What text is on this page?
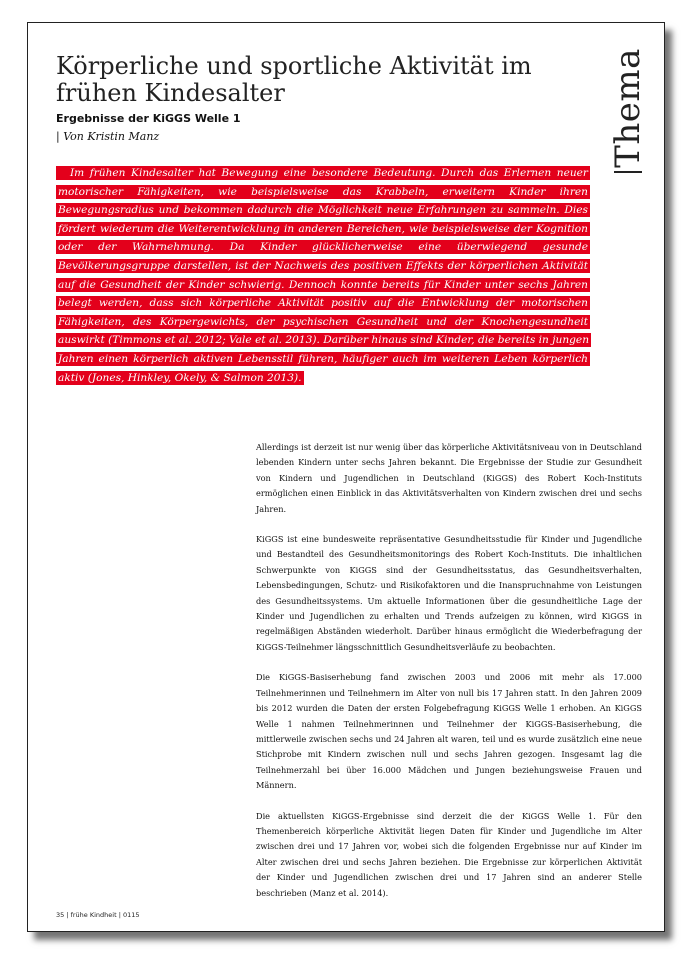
Körperliche und sportliche Aktivität im frühen Kindesalter
Ergebnisse der KiGGS Welle 1
| Von Kristin Manz	Thema
Im frühen Kindesalter hat Bewegung eine besondere Bedeutung. Durch das Erlernen neuer motorischer Fähigkeiten, wie beispielsweise das Krabbeln, erweitern Kinder ihren Bewegungsradius und bekommen dadurch die Möglichkeit neue Erfahrungen zu sammeln. Dies fördert wiederum die Weiterentwicklung in anderen Bereichen, wie beispielsweise der Kognition oder der Wahrnehmung. Da Kinder glücklicherweise eine überwiegend gesunde Bevölkerungsgruppe darstellen, ist der Nachweis des positiven Effekts der körperlichen Aktivität auf die Gesundheit der Kinder schwierig. Dennoch konnte bereits für Kinder unter sechs Jahren belegt werden, dass sich körperliche Aktivität positiv auf die Entwicklung der motorischen Fähigkeiten, des Körpergewichts, der psychischen Gesundheit und der Knochengesundheit auswirkt (Timmons et al. 2012; Vale et al. 2013). Darüber hinaus sind Kinder, die bereits in jungen Jahren einen körperlich aktiven Lebensstil führen, häufiger auch im weiteren Leben körperlich aktiv (Jones, Hinkley, Okely, & Salmon 2013).

Allerdings ist derzeit ist nur wenig über das körperliche Aktivitätsniveau von in Deutschland lebenden Kindern unter sechs Jahren bekannt. Die Ergebnisse der Studie zur Gesundheit von Kindern und Jugendlichen in Deutschland (KiGGS) des Robert Koch-Instituts ermöglichen einen Einblick in das Aktivitätsverhalten von Kindern zwischen drei und sechs Jahren.

KiGGS ist eine bundesweite repräsentative Gesundheitsstudie für Kinder und Jugendliche und Bestandteil des Gesundheitsmonitorings des Robert Koch-Instituts. Die inhaltlichen Schwerpunkte von KiGGS sind der Gesundheitsstatus, das Gesundheitsverhalten, Lebensbedingungen, Schutz- und Risikofaktoren und die Inanspruchnahme von Leistungen des Gesundheitssystems. Um aktuelle Informationen über die gesundheitliche Lage der Kinder und Jugendlichen zu erhalten und Trends aufzeigen zu können, wird KiGGS in regelmäßigen Abständen wiederholt. Darüber hinaus ermöglicht die Wiederbefragung der KiGGS-Teilnehmer längsschnittlich Gesundheitsverläufe zu beobachten.

Die KiGGS-Basiserhebung fand zwischen 2003 und 2006 mit mehr als 17.000 Teilnehmerinnen und Teilnehmern im Alter von null bis 17 Jahren statt. In den Jahren 2009 bis 2012 wurden die Daten der ersten Folgebefragung KiGGS Welle 1 erhoben. An KiGGS Welle 1 nahmen Teilnehmerinnen und Teilnehmer der KiGGS-Basiserhebung, die mittlerweile zwischen sechs und 24 Jahren alt waren, teil und es wurde zusätzlich eine neue Stichprobe mit Kindern zwischen null und sechs Jahren gezogen. Insgesamt lag die Teilnehmerzahl bei über 16.000 Mädchen und Jungen beziehungsweise Frauen und Männern.

Die aktuellsten KiGGS-Ergebnisse sind derzeit die der KiGGS Welle 1. Für den Themenbereich körperliche Aktivität liegen Daten für Kinder und Jugendliche im Alter zwischen drei und 17 Jahren vor, wobei sich die folgenden Ergebnisse nur auf Kinder im Alter zwischen drei und sechs Jahren beziehen. Die Ergebnisse zur körperlichen Aktivität der Kinder und Jugendlichen zwischen drei und 17 Jahren sind an anderer Stelle beschrieben (Manz et al. 2014).

35 | frühe Kindheit | 0115
